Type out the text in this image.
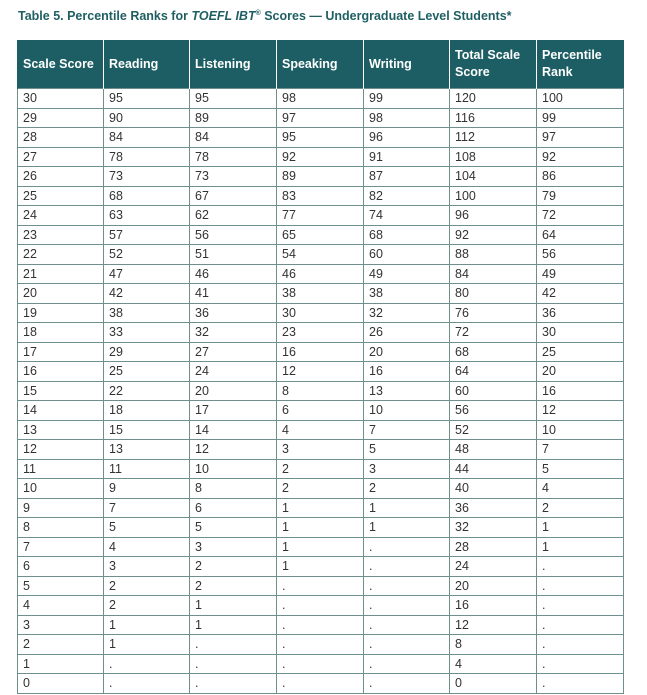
Table 5. Percentile Ranks for TOEFL IBT® Scores — Undergraduate Level Students*
Scale Score	Reading	Listening	Speaking	Writing	Total Scale Score	Percentile Rank
30	95	95	98	99	120	100
29	90	89	97	98	116	99
28	84	84	95	96	112	97
27	78	78	92	91	108	92
26	73	73	89	87	104	86
25	68	67	83	82	100	79
24	63	62	77	74	96	72
23	57	56	65	68	92	64
22	52	51	54	60	88	56
21	47	46	46	49	84	49
20	42	41	38	38	80	42
19	38	36	30	32	76	36
18	33	32	23	26	72	30
17	29	27	16	20	68	25
16	25	24	12	16	64	20
15	22	20	8	13	60	16
14	18	17	6	10	56	12
13	15	14	4	7	52	10
12	13	12	3	5	48	7
11	11	10	2	3	44	5
10	9	8	2	2	40	4
9	7	6	1	1	36	2
8	5	5	1	1	32	1
7	4	3	1	.	28	1
6	3	2	1	.	24	.
5	2	2	.	.	20	.
4	2	1	.	.	16	.
3	1	1	.	.	12	.
2	1	.	.	.	8	.
1	.	.	.	.	4	.
0	.	.	.	.	0	.
